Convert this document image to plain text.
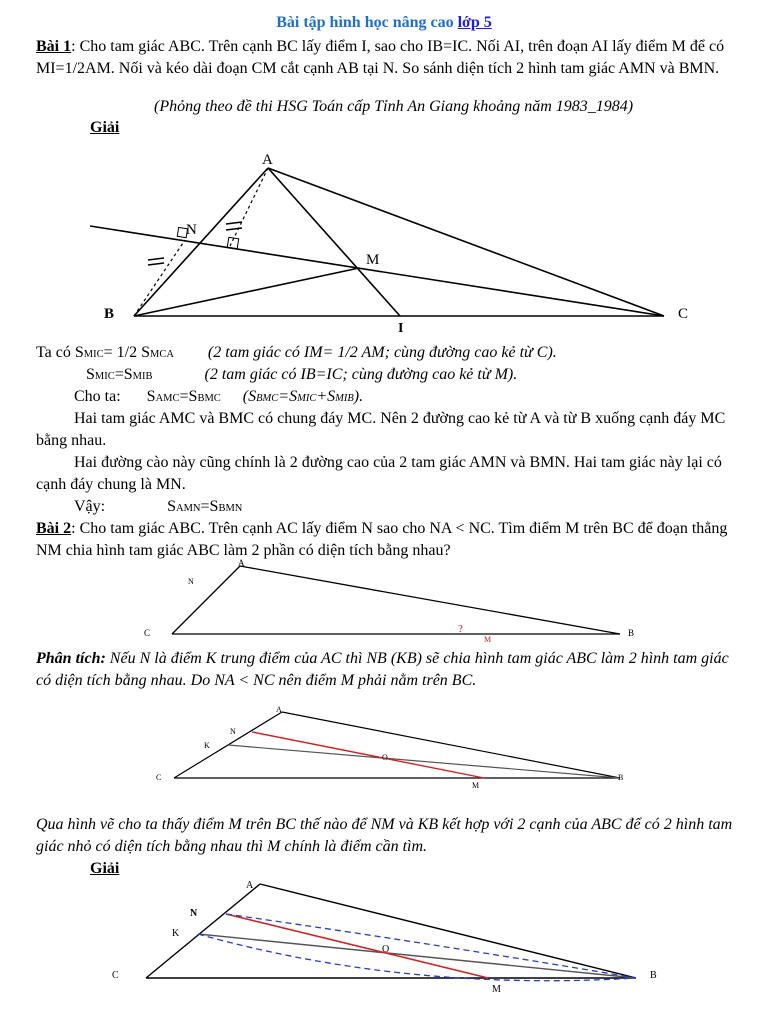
Bài tập hình học nâng cao lớp 5
Bài 1: Cho tam giác ABC. Trên cạnh BC lấy điểm I, sao cho IB=IC. Nối AI, trên đoạn AI lấy điểm M để có MI=1/2AM. Nối và kéo dài đoạn CM cắt cạnh AB tại N. So sánh diện tích 2 hình tam giác AMN và BMN.
(Phỏng theo đề thi HSG Toán cấp Tỉnh An Giang khoảng năm 1983_1984)
Giải
A
B	C
I
M
N
Ta có SMIC= 1/2 SMCA (2 tam giác có IM= 1/2 AM; cùng đường cao kẻ từ C).
SMIC=SMIB	(2 tam giác có IB=IC; cùng đường cao kẻ từ M).
Cho ta: SAMC=SBMC (SBMC=SMIC+SMIB).
Hai tam giác AMC và BMC có chung đáy MC. Nên 2 đường cao kẻ từ A và từ B xuống cạnh đáy MC bằng nhau.
Hai đường cào này cũng chính là 2 đường cao của 2 tam giác AMN và BMN. Hai tam giác này lại có cạnh đáy chung là MN.
Vậy:	SAMN=SBMN
Bài 2: Cho tam giác ABC. Trên cạnh AC lấy điểm N sao cho NA < NC. Tìm điểm M trên BC để đoạn thẳng NM chia hình tam giác ABC làm 2 phần có diện tích bằng nhau?
A
C	B
N
?
M
Phân tích: Nếu N là điểm K trung điểm của AC thì NB (KB) sẽ chia hình tam giác ABC làm 2 hình tam giác có diện tích bằng nhau. Do NA < NC nên điểm M phải nằm trên BC.
A
C	B
N
K
O
M
Qua hình vẽ cho ta thấy điểm M trên BC thế nào để NM và KB kết hợp với 2 cạnh của ABC để có 2 hình tam giác nhỏ có diện tích bằng nhau thì M chính là điểm cần tìm.
Giải
A
C	B
N
K
O
M
